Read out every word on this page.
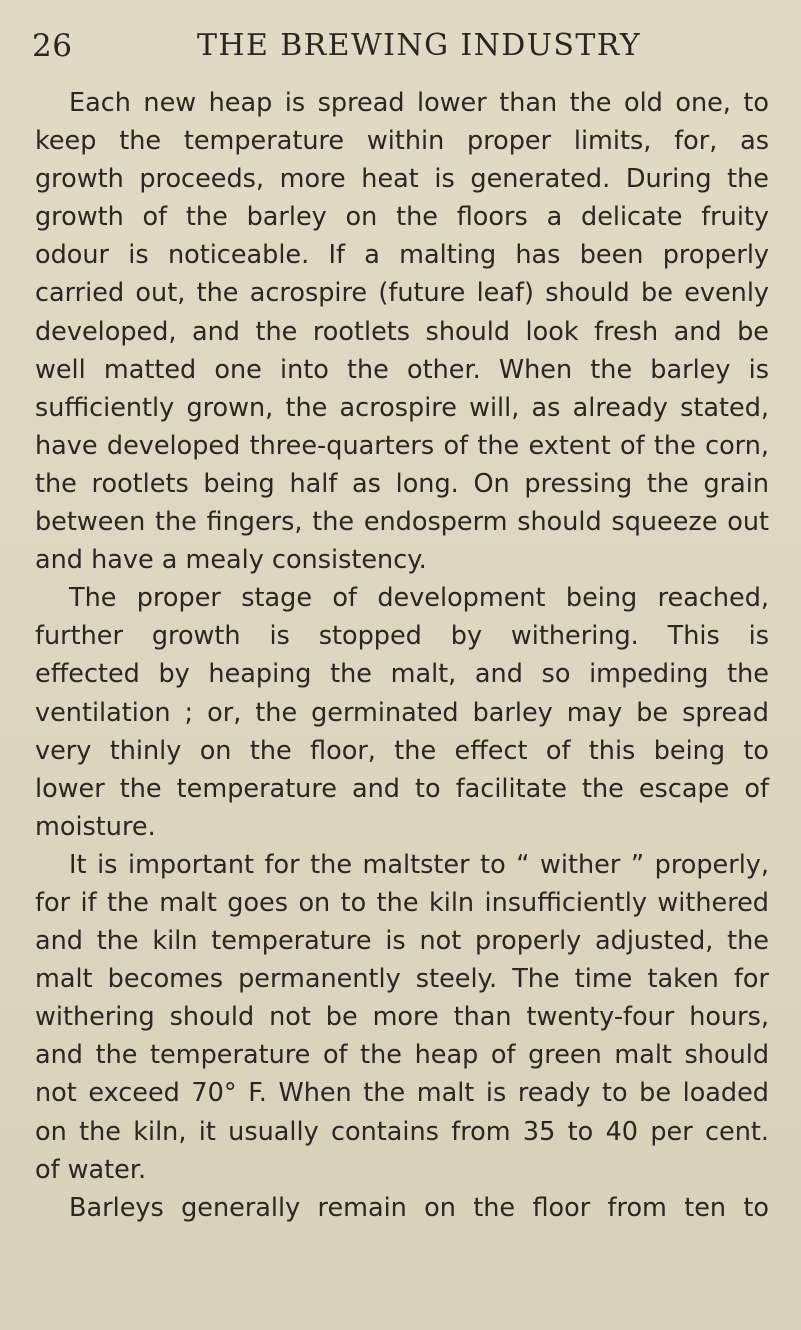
26	THE BREWING INDUSTRY
Each new heap is spread lower than the old one, to
keep the temperature within proper limits, for, as
growth proceeds, more heat is generated. During the
growth of the barley on the floors a delicate fruity
odour is noticeable. If a malting has been properly
carried out, the acrospire (future leaf) should be evenly
developed, and the rootlets should look fresh and be
well matted one into the other. When the barley is
sufficiently grown, the acrospire will, as already stated,
have developed three-quarters of the extent of the corn,
the rootlets being half as long. On pressing the grain
between the fingers, the endosperm should squeeze out
and have a mealy consistency.
The proper stage of development being reached,
further growth is stopped by withering. This is
effected by heaping the malt, and so impeding the
ventilation ; or, the germinated barley may be spread
very thinly on the floor, the effect of this being to
lower the temperature and to facilitate the escape of
moisture.
It is important for the maltster to “ wither ” properly,
for if the malt goes on to the kiln insufficiently withered
and the kiln temperature is not properly adjusted, the
malt becomes permanently steely. The time taken for
withering should not be more than twenty-four hours,
and the temperature of the heap of green malt should
not exceed 70° F. When the malt is ready to be loaded
on the kiln, it usually contains from 35 to 40 per cent.
of water.
Barleys generally remain on the floor from ten to
